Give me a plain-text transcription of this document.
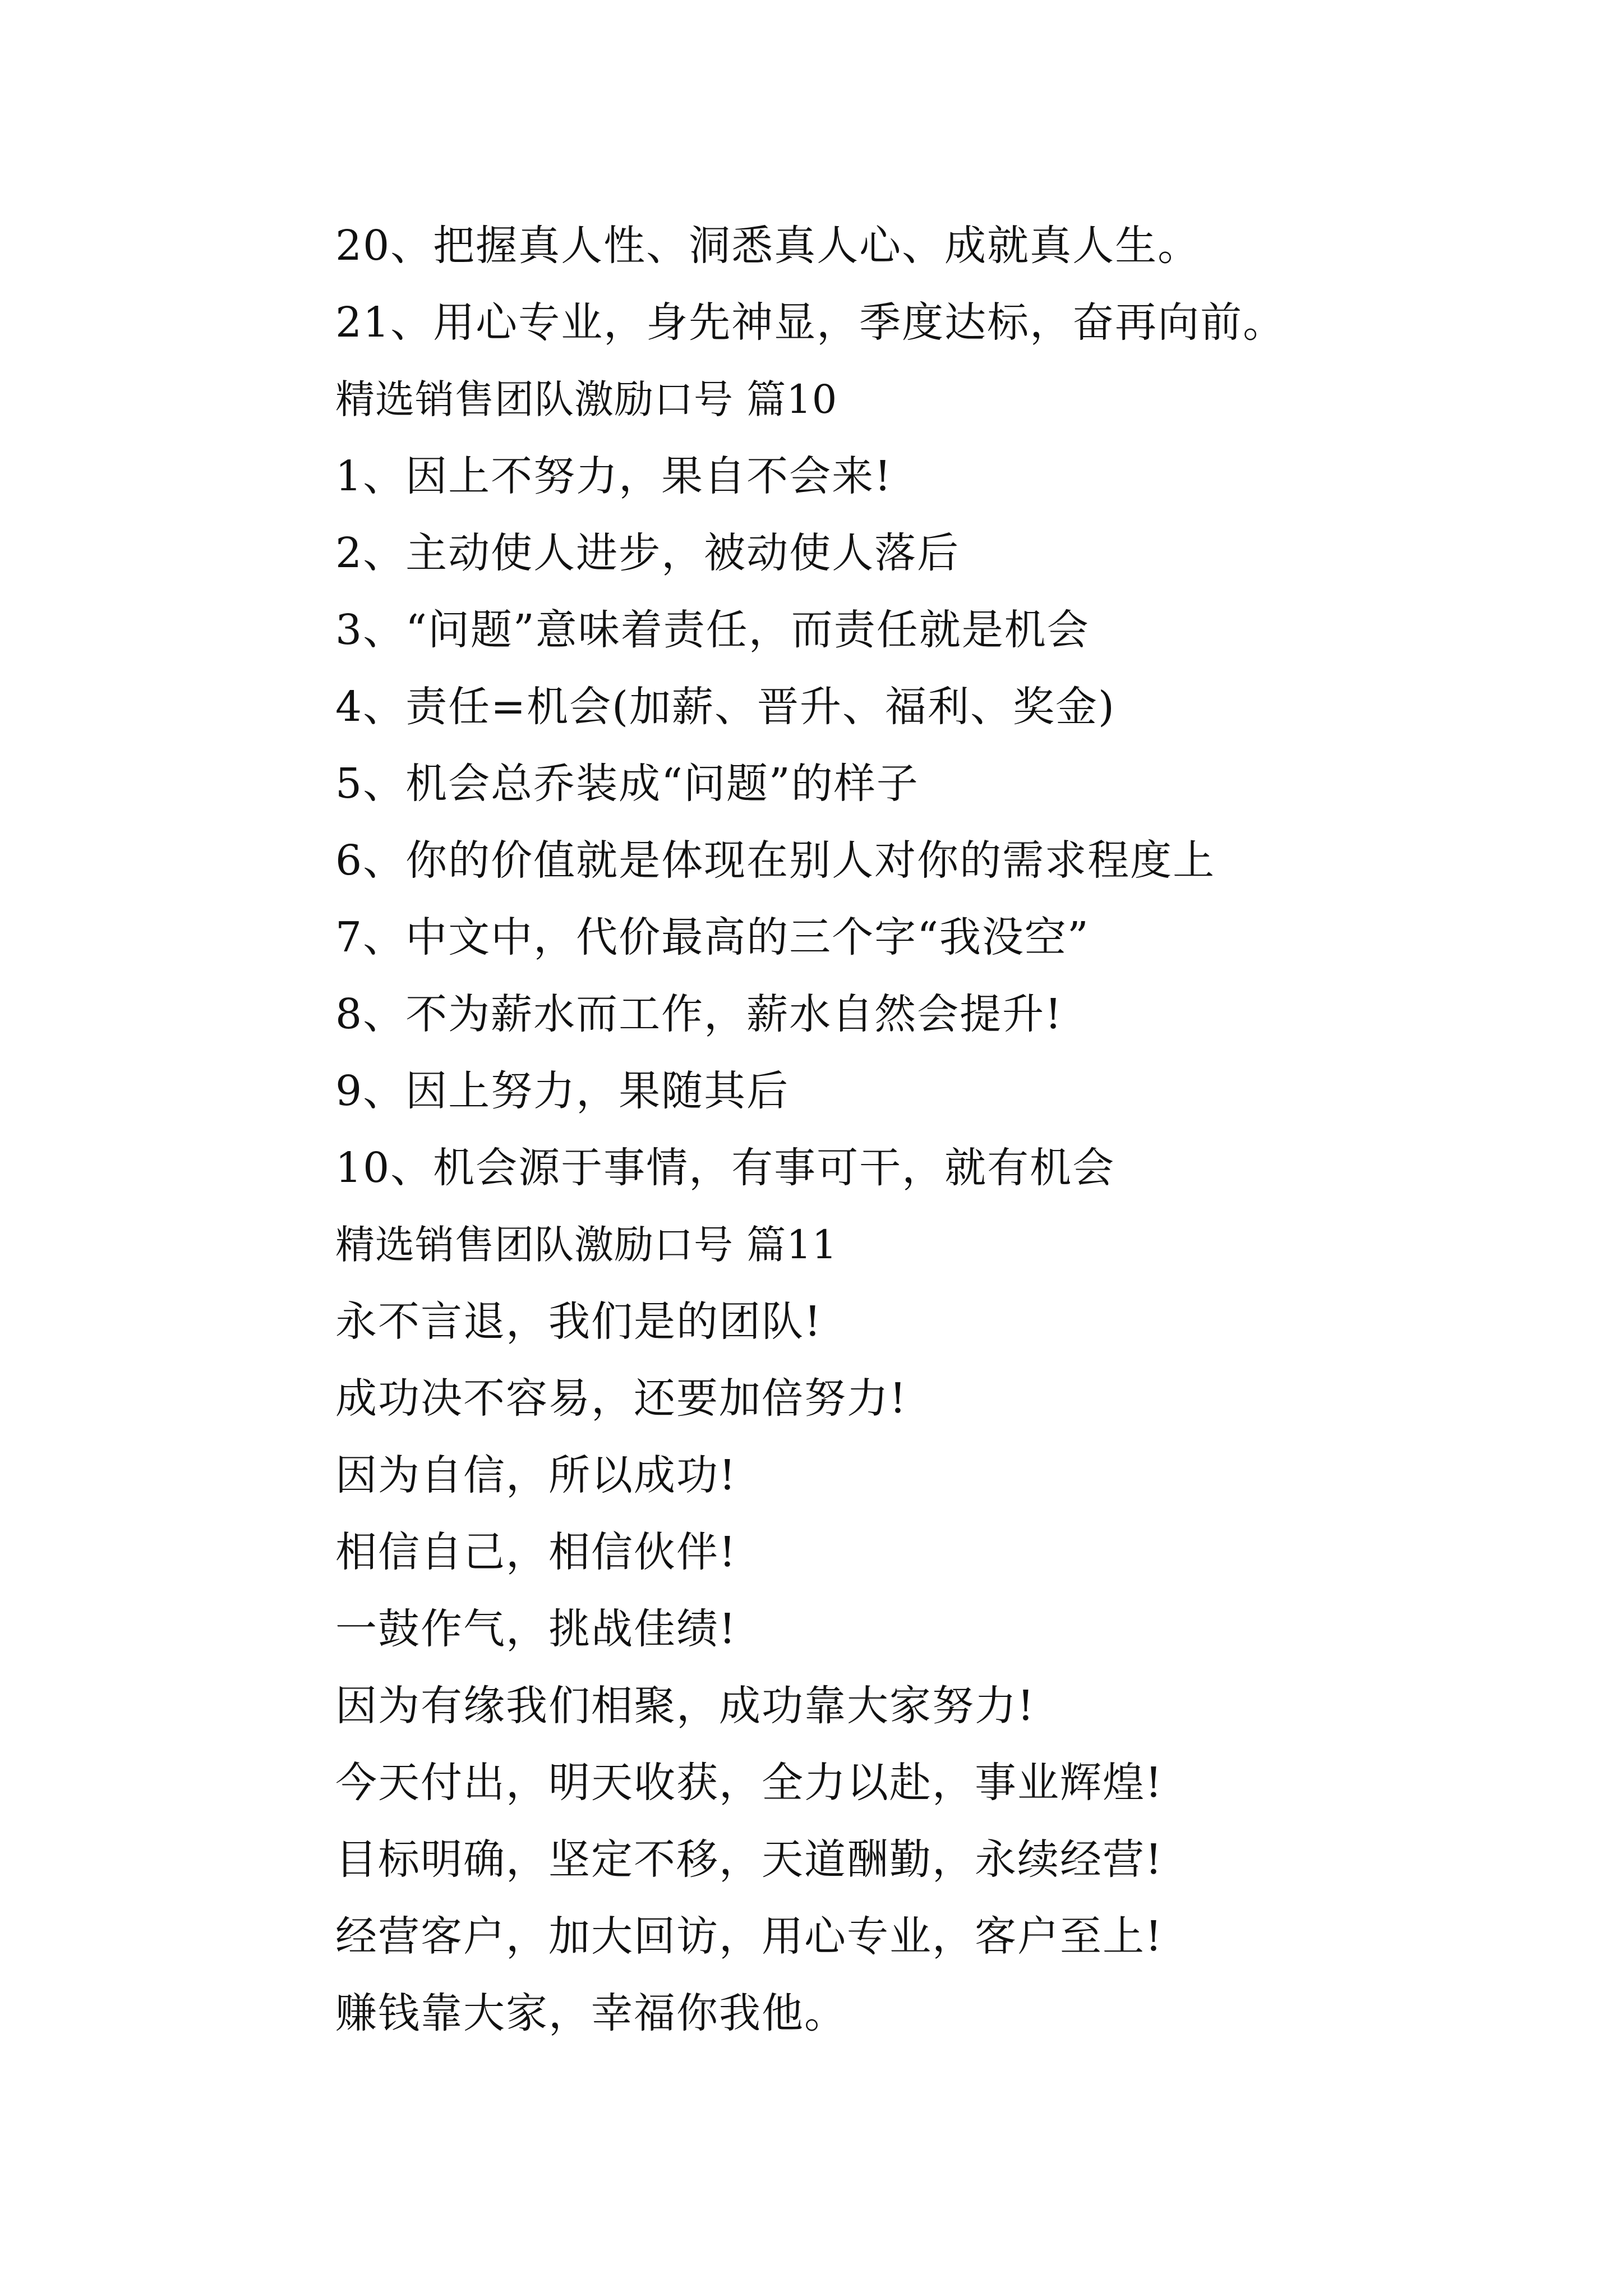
20、把握真人性、洞悉真人心、成就真人生。
21、用心专业，身先神显，季度达标，奋再向前。
精选销售团队激励口号 篇10
1、因上不努力，果自不会来!
2、主动使人进步，被动使人落后
3、“问题”意味着责任，而责任就是机会
4、责任=机会(加薪、晋升、福利、奖金)
5、机会总乔装成“问题”的样子
6、你的价值就是体现在别人对你的需求程度上
7、中文中，代价最高的三个字“我没空”
8、不为薪水而工作，薪水自然会提升!
9、因上努力，果随其后
10、机会源于事情，有事可干，就有机会
精选销售团队激励口号 篇11
永不言退，我们是的团队!
成功决不容易，还要加倍努力!
因为自信，所以成功!
相信自己，相信伙伴!
一鼓作气，挑战佳绩!
因为有缘我们相聚，成功靠大家努力!
今天付出，明天收获，全力以赴，事业辉煌!
目标明确，坚定不移，天道酬勤，永续经营!
经营客户，加大回访，用心专业，客户至上!
赚钱靠大家，幸福你我他。
